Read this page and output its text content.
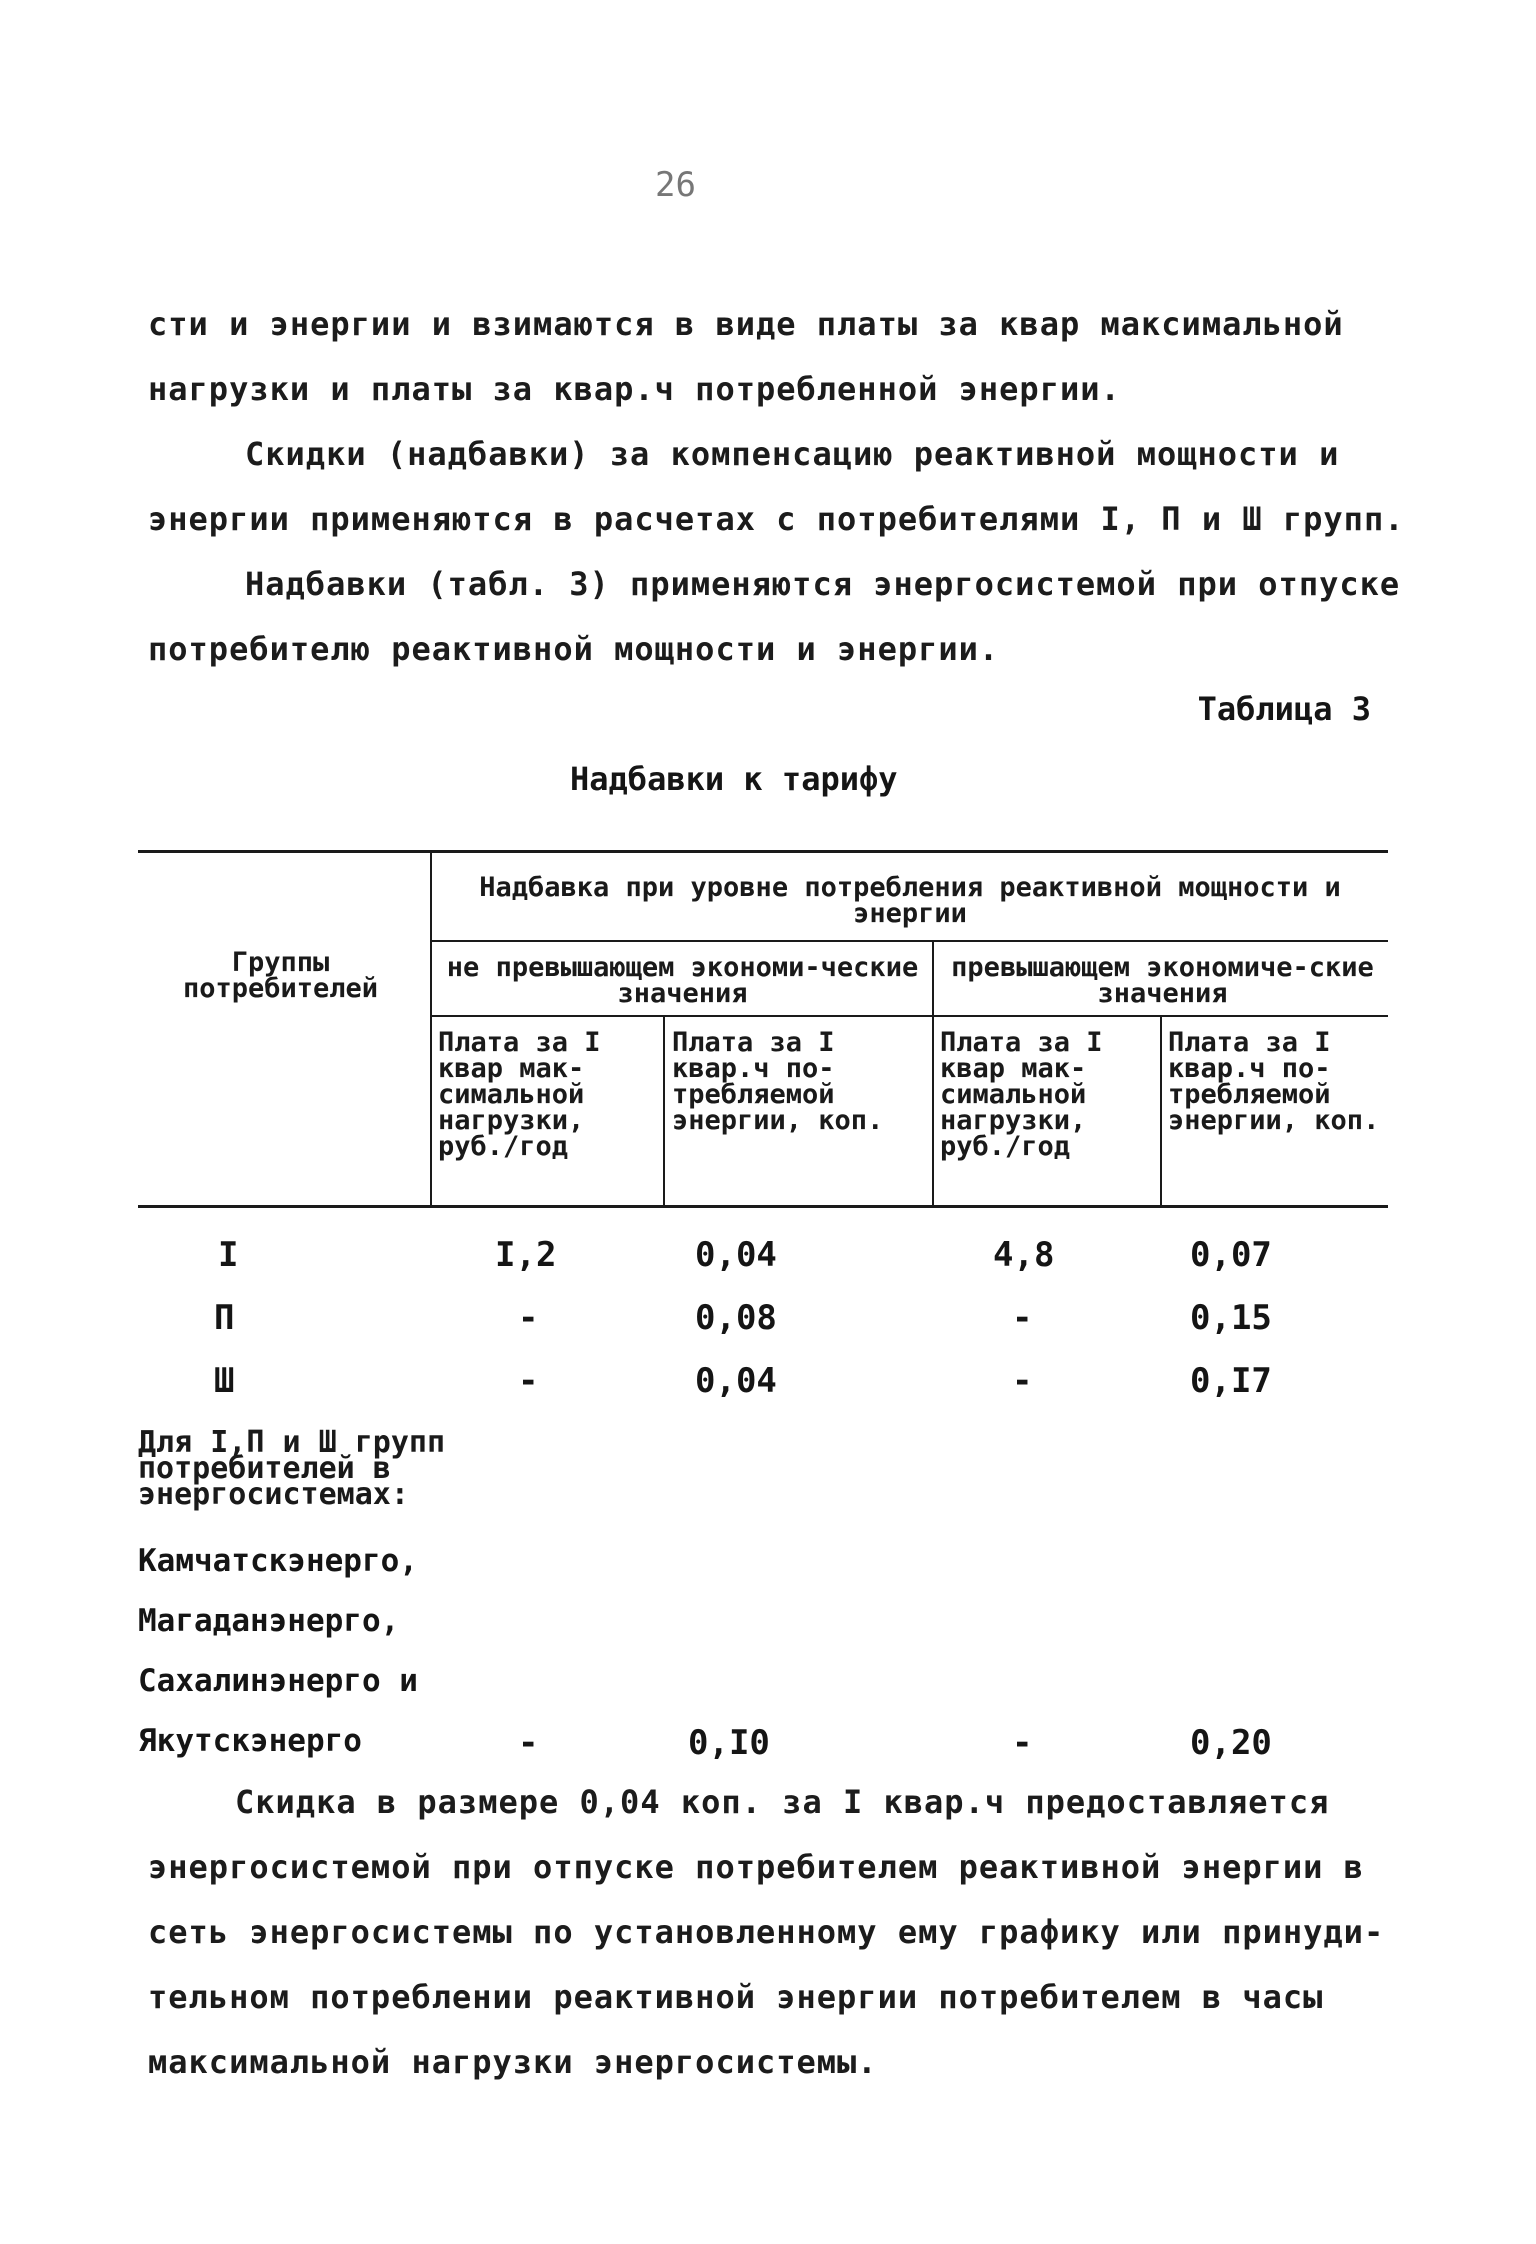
26
сти и энергии и взимаются в виде платы за квар максимальной
нагрузки и платы за квар.ч потребленной энергии.
Скидки (надбавки) за компенсацию реактивной мощности и
энергии применяются в расчетах с потребителями I, П и Ш групп.
Надбавки (табл. 3) применяются энергосистемой при отпуске
потребителю реактивной мощности и энергии.
Таблица 3
Надбавки к тарифу
Группы потребителей
Надбавка при уровне потребления реактивной мощности и энергии
не превышающем экономи-ческие значения
превышающем экономиче-ские значения
Плата за I квар мак-симальной нагрузки, руб./год
Плата за I квар.ч по-требляемой энергии, коп.
Плата за I квар мак-симальной нагрузки, руб./год
Плата за I квар.ч по-требляемой энергии, коп.
I	I,2	0,04	4,8	0,07
П	-	0,08	-	0,15
Ш	-	0,04	-	0,I7
Для I,П и Ш групп
потребителей в
энергосистемах:
Камчатскэнерго,
Магаданэнерго,
Сахалинэнерго и
Якутскэнерго	-	0,I0	-	0,20
Скидка в размере 0,04 коп. за I квар.ч предоставляется
энергосистемой при отпуске потребителем реактивной энергии в
сеть энергосистемы по установленному ему графику или принуди-
тельном потреблении реактивной энергии потребителем в часы
максимальной нагрузки энергосистемы.
